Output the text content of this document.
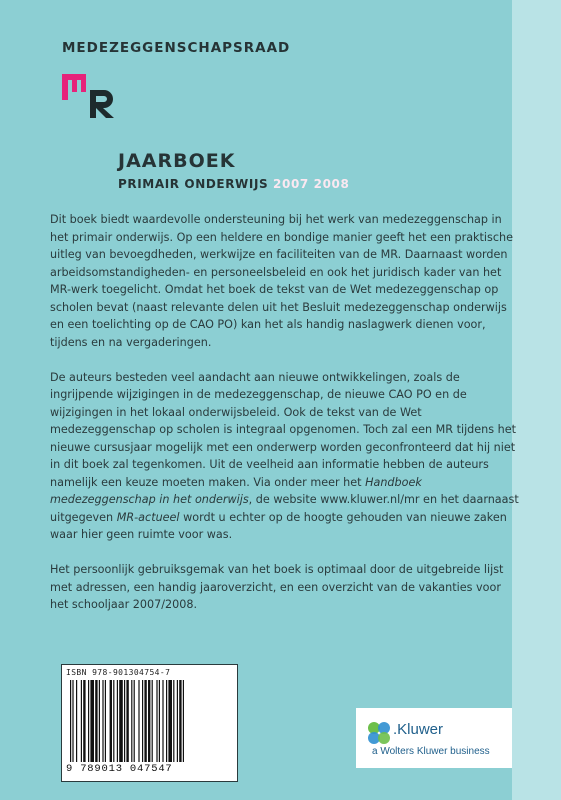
MEDEZEGGENSCHAPSRAAD
JAARBOEK
PRIMAIR ONDERWIJS 2007 2008

Dit boek biedt waardevolle ondersteuning bij het werk van medezeggenschap in het primair onderwijs. Op een heldere en bondige manier geeft het een praktische uitleg van bevoegdheden, werkwijze en faciliteiten van de MR. Daarnaast worden arbeidsomstandigheden- en personeelsbeleid en ook het juridisch kader van het MR-werk toegelicht. Omdat het boek de tekst van de Wet medezeggenschap op scholen bevat (naast relevante delen uit het Besluit medezeggenschap onderwijs en een toelichting op de CAO PO) kan het als handig naslagwerk dienen voor, tijdens en na vergaderingen.

De auteurs besteden veel aandacht aan nieuwe ontwikkelingen, zoals de ingrijpende wijzigingen in de medezeggenschap, de nieuwe CAO PO en de wijzigingen in het lokaal onderwijsbeleid. Ook de tekst van de Wet medezeggenschap op scholen is integraal opgenomen. Toch zal een MR tijdens het nieuwe cursusjaar mogelijk met een onderwerp worden geconfronteerd dat hij niet in dit boek zal tegenkomen. Uit de veelheid aan informatie hebben de auteurs namelijk een keuze moeten maken. Via onder meer het Handboek medezeggenschap in het onderwijs, de website www.kluwer.nl/mr en het daarnaast uitgegeven MR-actueel wordt u echter op de hoogte gehouden van nieuwe zaken waar hier geen ruimte voor was.

Het persoonlijk gebruiksgemak van het boek is optimaal door de uitgebreide lijst met adressen, een handig jaaroverzicht, en een overzicht van de vakanties voor het schooljaar 2007/2008.

ISBN 978-901304754-7
9 789013 047547
.Kluwer
a Wolters Kluwer business
